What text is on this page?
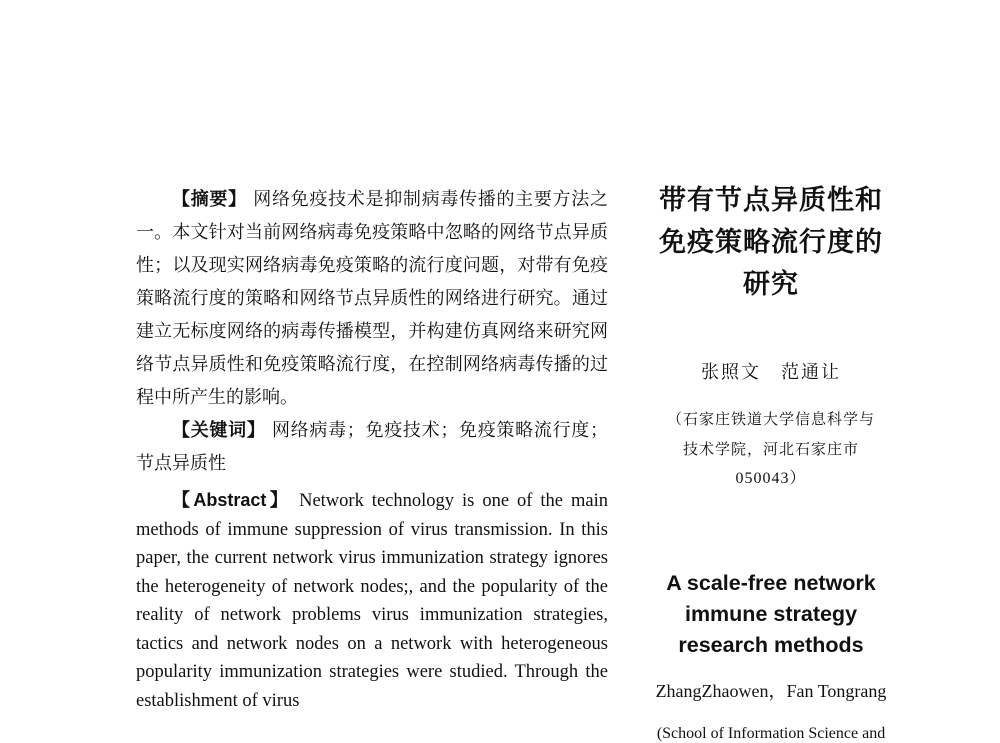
【摘要】 网络免疫技术是抑制病毒传播的主要方法之一。本文针对当前网络病毒免疫策略中忽略的网络节点异质性；以及现实网络病毒免疫策略的流行度问题，对带有免疫策略流行度的策略和网络节点异质性的网络进行研究。通过建立无标度网络的病毒传播模型，并构建仿真网络来研究网络节点异质性和免疫策略流行度，在控制网络病毒传播的过程中所产生的影响。

【关键词】 网络病毒；免疫技术；免疫策略流行度；节点异质性

【Abstract】 Network technology is one of the main methods of immune suppression of virus transmission. In this paper, the current network virus immunization strategy ignores the heterogeneity of network nodes;, and the popularity of the reality of network problems virus immunization strategies, tactics and network nodes on a network with heterogeneous popularity immunization strategies were studied. Through the establishment of virus

带有节点异质性和
免疫策略流行度的
研究
张照文　范通让
（石家庄铁道大学信息科学与
技术学院，河北石家庄市
050043）
A scale-free network
immune strategy
research methods
ZhangZhaowen，Fan Tongrang
(School of Information Science and
